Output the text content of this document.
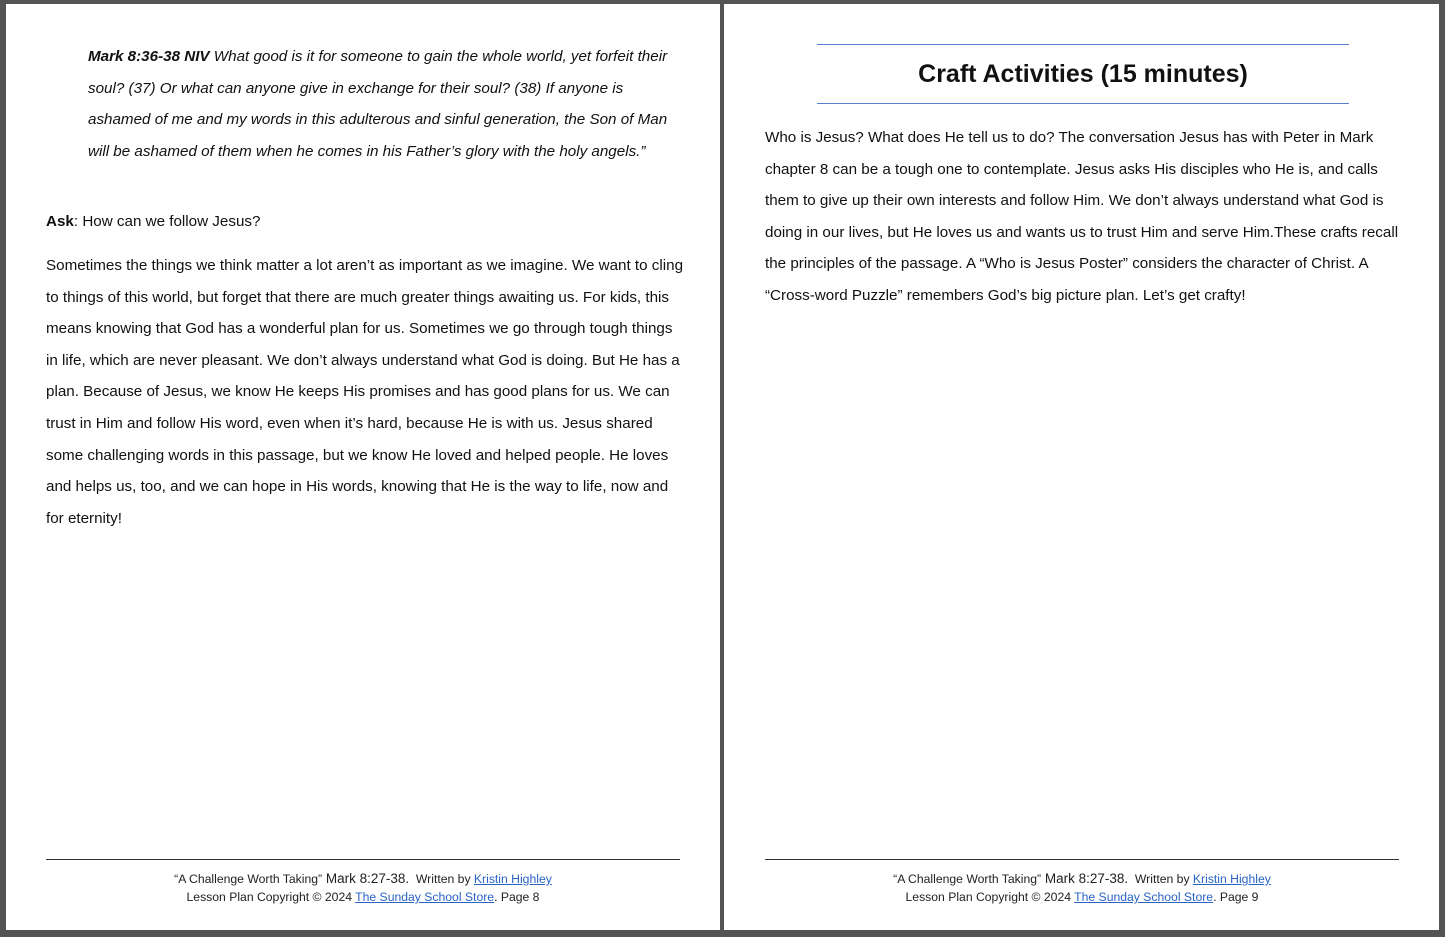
Mark 8:36-38 NIV What good is it for someone to gain the whole world, yet forfeit their soul? (37) Or what can anyone give in exchange for their soul? (38) If anyone is ashamed of me and my words in this adulterous and sinful generation, the Son of Man will be ashamed of them when he comes in his Father’s glory with the holy angels.”
Ask: How can we follow Jesus?
Sometimes the things we think matter a lot aren’t as important as we imagine. We want to cling to things of this world, but forget that there are much greater things awaiting us. For kids, this means knowing that God has a wonderful plan for us. Sometimes we go through tough things in life, which are never pleasant. We don’t always understand what God is doing. But He has a plan. Because of Jesus, we know He keeps His promises and has good plans for us. We can trust in Him and follow His word, even when it’s hard, because He is with us. Jesus shared some challenging words in this passage, but we know He loved and helped people. He loves and helps us, too, and we can hope in His words, knowing that He is the way to life, now and for eternity!
“A Challenge Worth Taking” Mark 8:27-38.  Written by Kristin Highley
Lesson Plan Copyright © 2024 The Sunday School Store. Page 8
Craft Activities (15 minutes)
Who is Jesus? What does He tell us to do? The conversation Jesus has with Peter in Mark chapter 8 can be a tough one to contemplate. Jesus asks His disciples who He is, and calls them to give up their own interests and follow Him. We don’t always understand what God is doing in our lives, but He loves us and wants us to trust Him and serve Him.These crafts recall the principles of the passage. A “Who is Jesus Poster” considers the character of Christ. A “Cross-word Puzzle” remembers God’s big picture plan. Let’s get crafty!
“A Challenge Worth Taking” Mark 8:27-38.  Written by Kristin Highley
Lesson Plan Copyright © 2024 The Sunday School Store. Page 9
